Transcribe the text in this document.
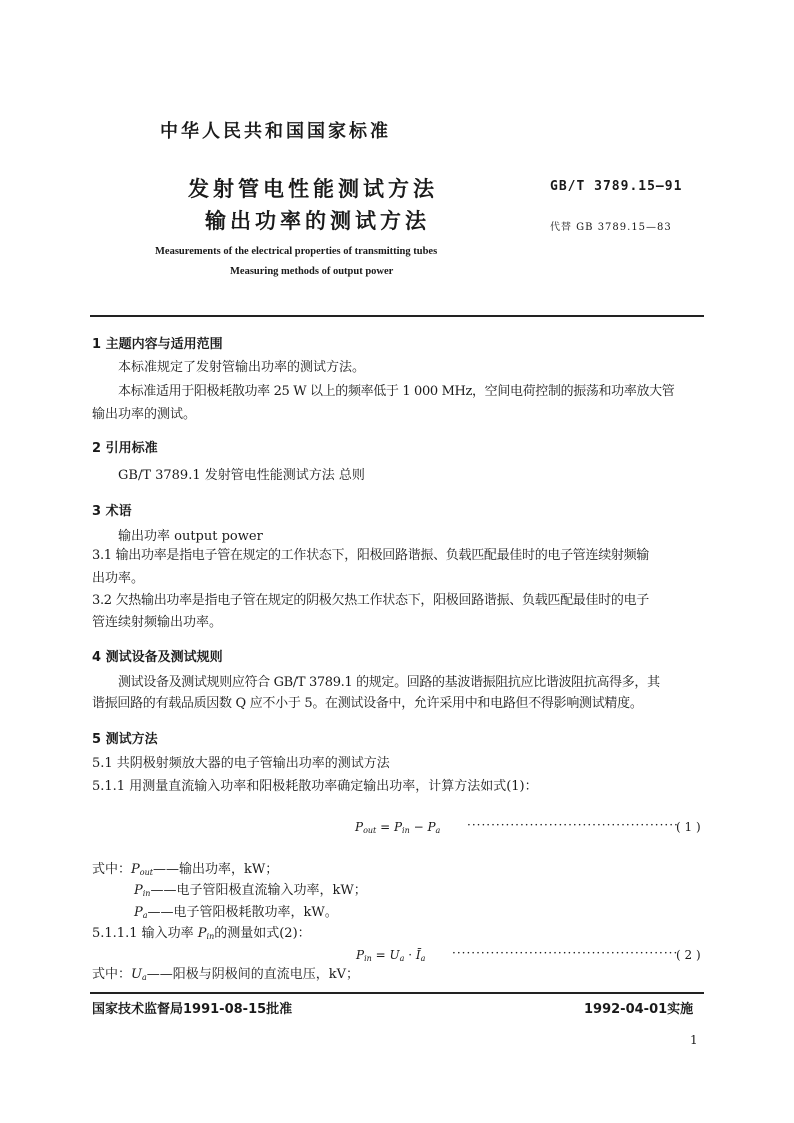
中华人民共和国国家标准
发射管电性能测试方法
输出功率的测试方法
GB/T 3789.15—91
代替 GB 3789.15—83
Measurements of the electrical properties of transmitting tubes
Measuring methods of output power
1 主题内容与适用范围
本标准规定了发射管输出功率的测试方法。
本标准适用于阳极耗散功率 25 W 以上的频率低于 1 000 MHz，空间电荷控制的振荡和功率放大管
输出功率的测试。
2 引用标准
GB/T 3789.1 发射管电性能测试方法 总则
3 术语
输出功率 output power
3.1 输出功率是指电子管在规定的工作状态下，阳极回路谐振、负载匹配最佳时的电子管连续射频输
出功率。
3.2 欠热输出功率是指电子管在规定的阴极欠热工作状态下，阳极回路谐振、负载匹配最佳时的电子
管连续射频输出功率。
4 测试设备及测试规则
测试设备及测试规则应符合 GB/T 3789.1 的规定。回路的基波谐振阻抗应比谐波阻抗高得多，其
谐振回路的有载品质因数 Q 应不小于 5。在测试设备中，允许采用中和电路但不得影响测试精度。
5 测试方法
5.1 共阴极射频放大器的电子管输出功率的测试方法
5.1.1 用测量直流输入功率和阳极耗散功率确定输出功率，计算方法如式(1)：
$P_{out} = P_{in} - P_a$ ············································
( 1 )
式中：$P_{out}——$输出功率，kW；
$P_{in}——$电子管阳极直流输入功率，kW；
$P_a——$电子管阳极耗散功率，kW。
5.1.1.1 输入功率 $P_{in}$的测量如式(2)：
$P_{in} = U_a$ · $Ī_a$ ···············································
( 2 )
式中：$U_a——$阳极与阴极间的直流电压，kV；
国家技术监督局1991-08-15批准	1992-04-01实施
1
